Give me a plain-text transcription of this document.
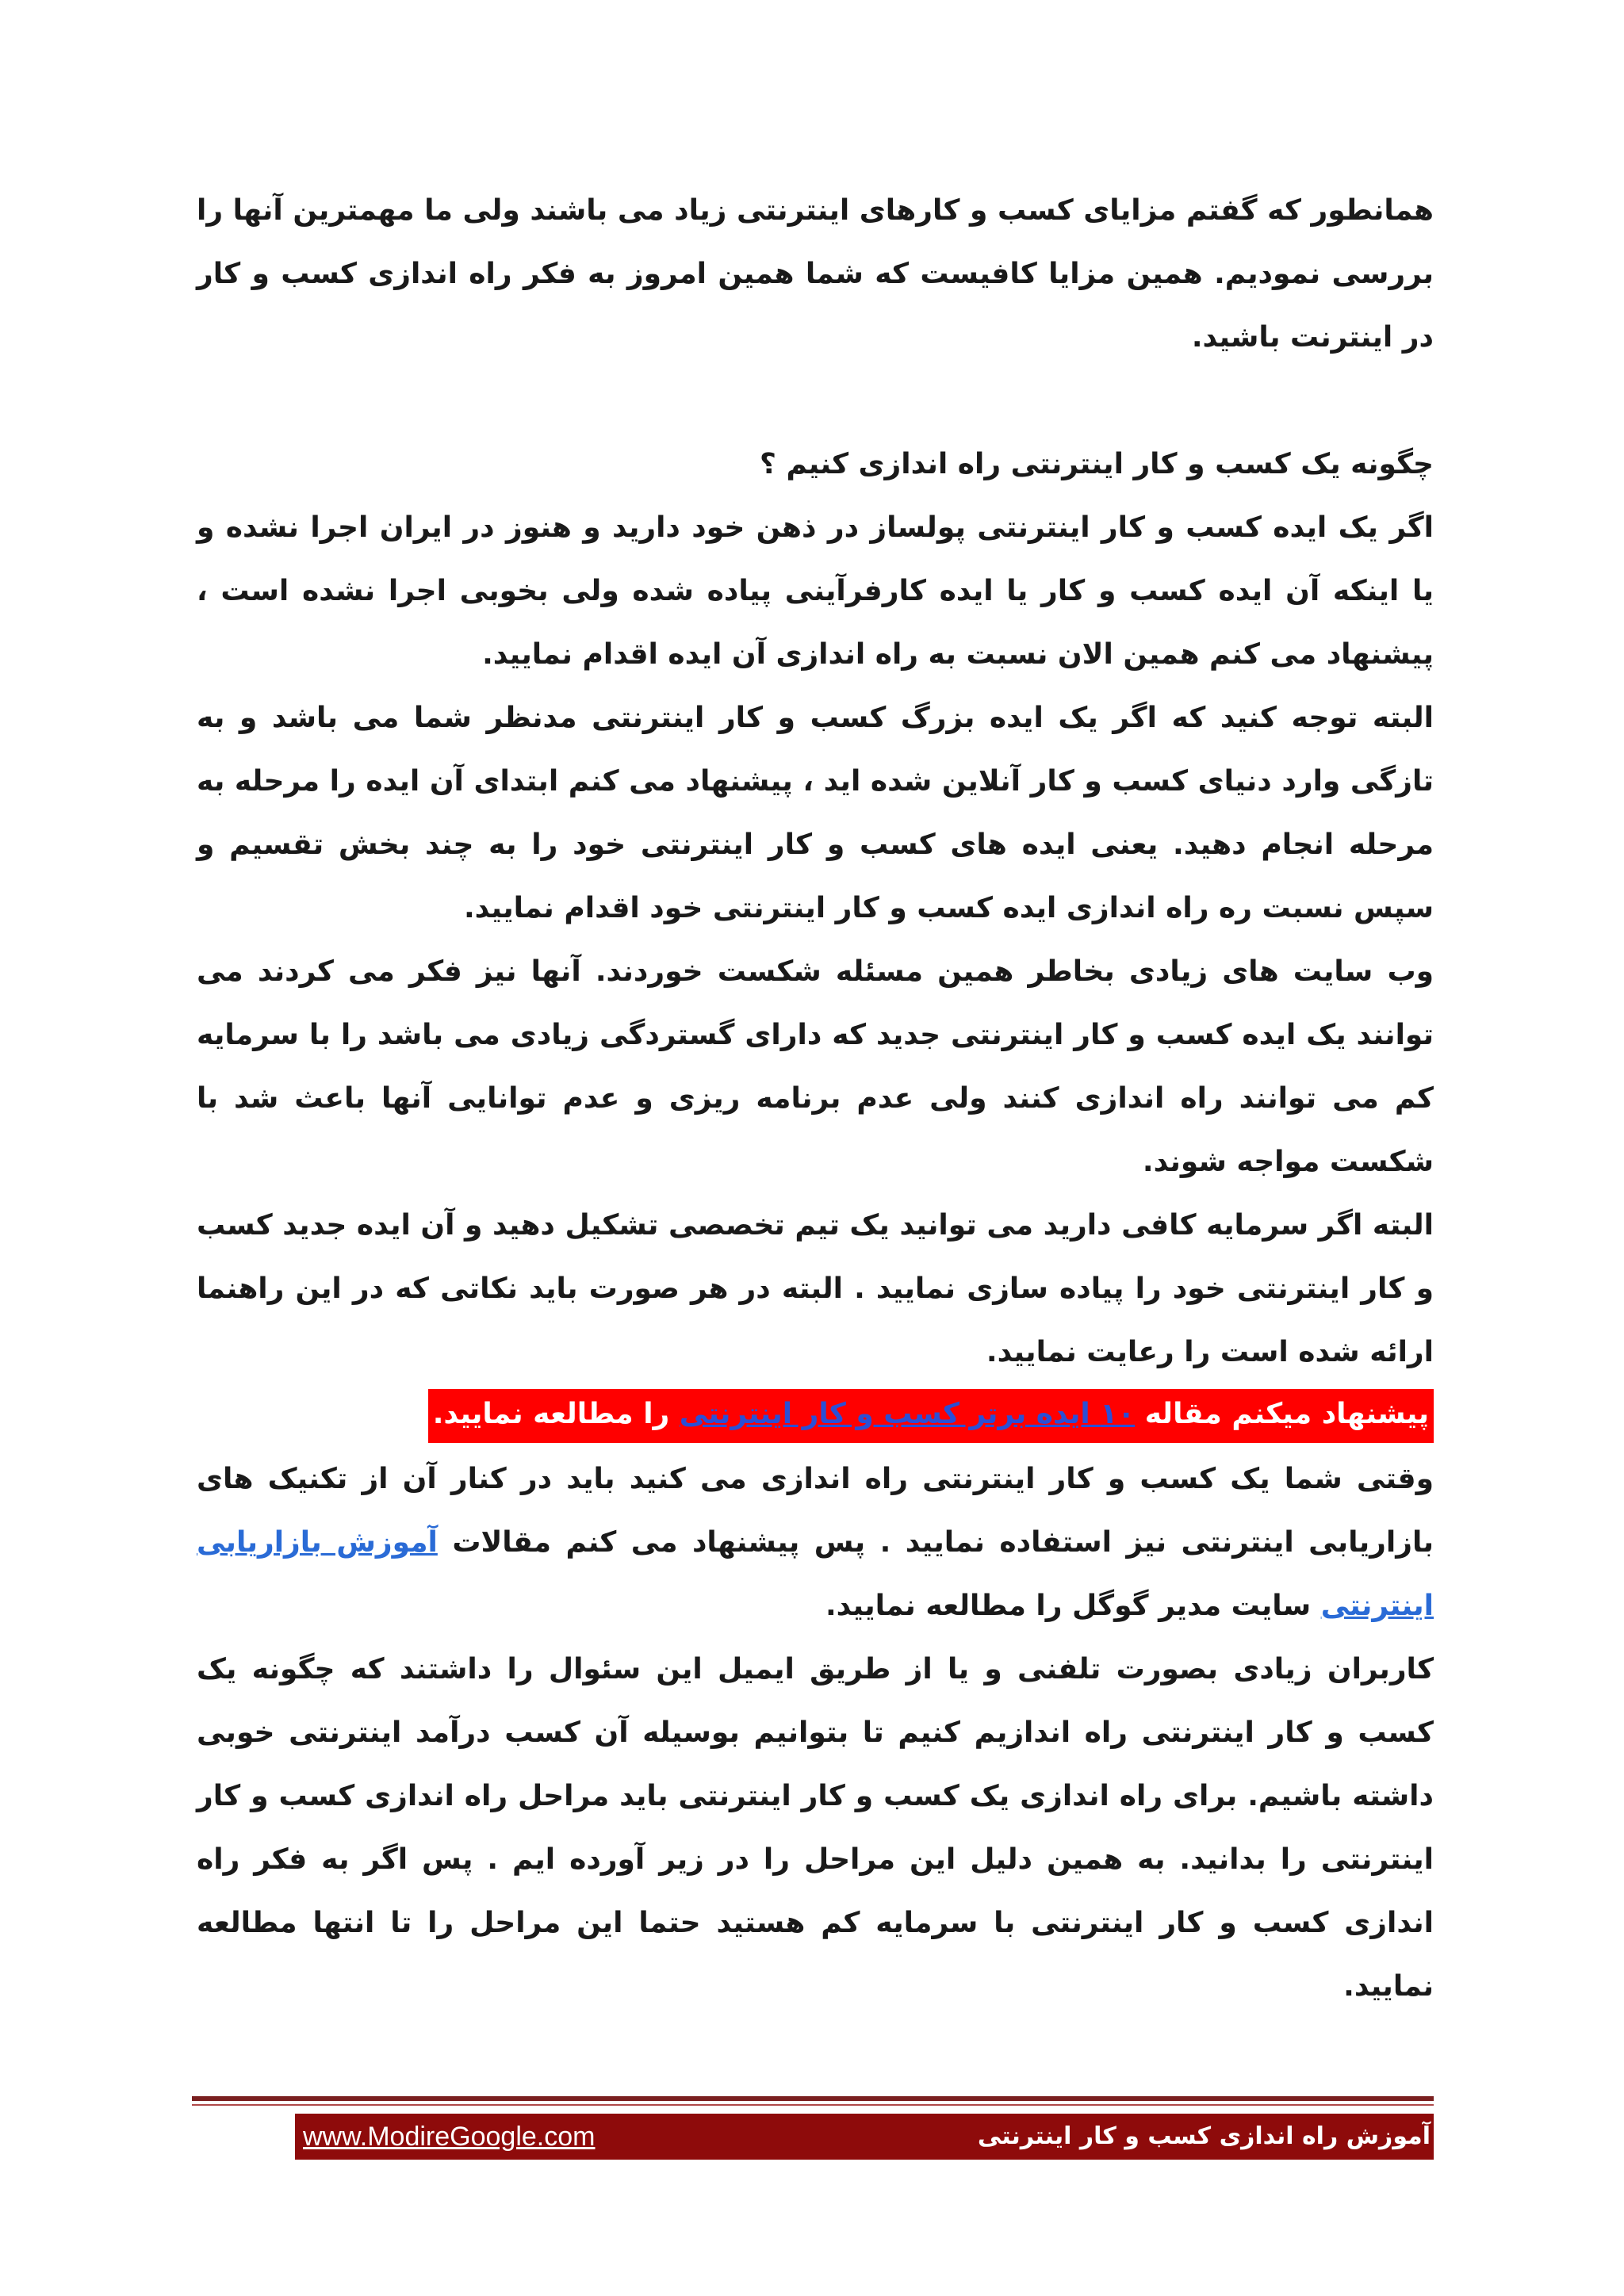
همانطور که گفتم مزایای کسب و کارهای اینترنتی زیاد می باشند ولی ما مهمترین آنها را بررسی نمودیم. همین مزایا کافیست که شما همین امروز به فکر راه اندازی کسب و کار در اینترنت باشید.

چگونه یک کسب و کار اینترنتی راه اندازی کنیم ؟

اگر یک ایده کسب و کار اینترنتی پولساز در ذهن خود دارید و هنوز در ایران اجرا نشده و یا اینکه آن ایده کسب و کار یا ایده کارفرآینی پیاده شده ولی بخوبی اجرا نشده است ، پیشنهاد می کنم همین الان نسبت به راه اندازی آن ایده اقدام نمایید.

البته توجه کنید که اگر یک ایده بزرگ کسب و کار اینترنتی مدنظر شما می باشد و به تازگی وارد دنیای کسب و کار آنلاین شده اید ، پیشنهاد می کنم ابتدای آن ایده را مرحله به مرحله انجام دهید. یعنی ایده های کسب و کار اینترنتی خود را به چند بخش تقسیم و سپس نسبت ره راه اندازی ایده کسب و کار اینترنتی خود اقدام نمایید.

وب سایت های زیادی بخاطر همین مسئله شکست خوردند. آنها نیز فکر می کردند می توانند یک ایده کسب و کار اینترنتی جدید که دارای گستردگی زیادی می باشد را با سرمایه کم می توانند راه اندازی کنند ولی عدم برنامه ریزی و عدم توانایی آنها باعث شد با شکست مواجه شوند.

البته اگر سرمایه کافی دارید می توانید یک تیم تخصصی تشکیل دهید و آن ایده جدید کسب و کار اینترنتی خود را پیاده سازی نمایید . البته در هر صورت باید نکاتی که در این راهنما ارائه شده است را رعایت نمایید.

پیشنهاد میکنم مقاله ۱۰ ایده برتر کسب و کار اینترنتی را مطالعه نمایید.

وقتی شما یک کسب و کار اینترنتی راه اندازی می کنید باید در کنار آن از تکنیک های بازاریابی اینترنتی نیز استفاده نمایید . پس پیشنهاد می کنم مقالات آموزش بازاریابی اینترنتی سایت مدیر گوگل را مطالعه نمایید.

کاربران زیادی بصورت تلفنی و یا از طریق ایمیل این سئوال را داشتند که چگونه یک کسب و کار اینترنتی راه اندازیم کنیم تا بتوانیم بوسیله آن کسب درآمد اینترنتی خوبی داشته باشیم. برای راه اندازی یک کسب و کار اینترنتی باید مراحل راه اندازی کسب و کار اینترنتی را بدانید. به همین دلیل این مراحل را در زیر آورده ایم . پس اگر به فکر راه اندازی کسب و کار اینترنتی با سرمایه کم هستید حتما این مراحل را تا انتها مطالعه نمایید.

www.ModireGoogle.com	آموزش راه اندازی کسب و کار اینترنتی
